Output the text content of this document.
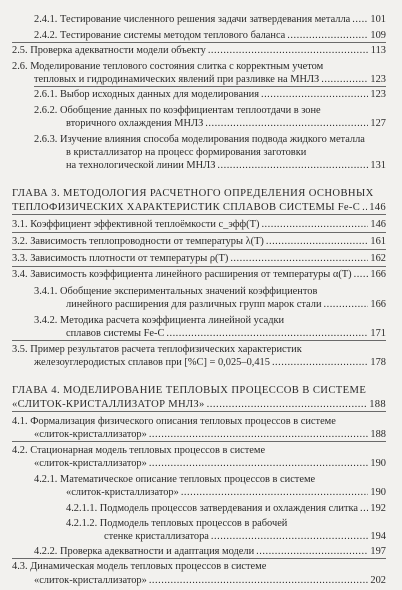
2.4.1. Тестирование численного решения задачи затвердевания металла ..... 101
2.4.2. Тестирование системы методом теплового баланса .....	109
2.5. Проверка адекватности модели объекту .....	113
2.6. Моделирование теплового состояния слитка с корректным учетом
тепловых и гидродинамических явлений при разливке на МНЛЗ .....	123
2.6.1. Выбор исходных данных для моделирования .....	123
2.6.2. Обобщение данных по коэффициентам теплоотдачи в зоне
вторичного охлаждения МНЛЗ .....	127
2.6.3. Изучение влияния способа моделирования подвода жидкого металла
в кристаллизатор на процесс формирования заготовки
на технологической линии МНЛЗ .....	131
ГЛАВА 3. МЕТОДОЛОГИЯ РАСЧЕТНОГО ОПРЕДЕЛЕНИЯ ОСНОВНЫХ
ТЕПЛОФИЗИЧЕСКИХ ХАРАКТЕРИСТИК СПЛАВОВ СИСТЕМЫ Fe-C ..... 146
3.1. Коэффициент эффективной теплоёмкости c_эфф(T) .....	146
3.2. Зависимость теплопроводности от температуры λ(T) .....	161
3.3. Зависимость плотности от температуры ρ(T) .....	162
3.4. Зависимость коэффициента линейного расширения от температуры α(T) ..... 166
3.4.1. Обобщение экспериментальных значений коэффициентов
линейного расширения для различных групп марок стали .....	166
3.4.2. Методика расчета коэффициента линейной усадки
сплавов системы Fe-C .....	171
3.5. Пример результатов расчета теплофизических характеристик
железоуглеродистых сплавов при [%C] = 0,025–0,415 .....	178
ГЛАВА 4. МОДЕЛИРОВАНИЕ ТЕПЛОВЫХ ПРОЦЕССОВ В СИСТЕМЕ
«СЛИТОК-КРИСТАЛЛИЗАТОР МНЛЗ» .....	188
4.1. Формализация физического описания тепловых процессов в системе
«слиток-кристаллизатор» .....	188
4.2. Стационарная модель тепловых процессов в системе
«слиток-кристаллизатор» .....	190
4.2.1. Математическое описание тепловых процессов в системе
«слиток-кристаллизатор» .....	190
4.2.1.1. Подмодель процессов затвердевания и охлаждения слитка ..... 192
4.2.1.2. Подмодель тепловых процессов в рабочей
стенке кристаллизатора .....	194
4.2.2. Проверка адекватности и адаптация модели .....	197
4.3. Динамическая модель тепловых процессов в системе
«слиток-кристаллизатор» .....	202
